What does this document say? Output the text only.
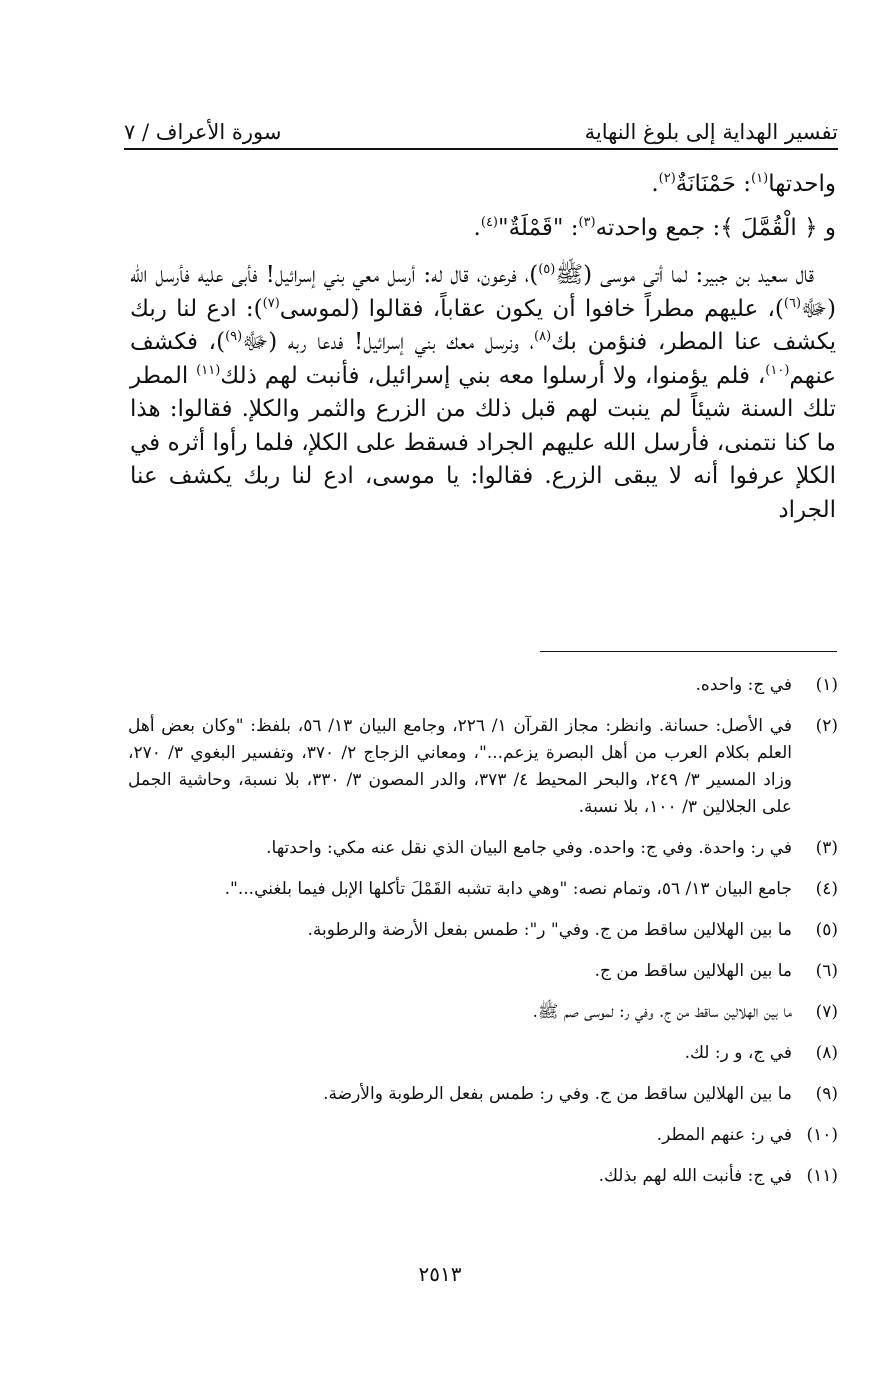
تفسير الهداية إلى بلوغ النهاية
سورة الأعراف / ٧

واحدتها$^{(١)}$: حَمْنَانَةٌ$^{(٢)}$.

و ﴿ الْقُمَّلَ ﴾: جمع واحدته$^{(٣)}$: "قَمْلَةٌ"$^{(٤)}$.

قال سعيد بن جبير: لما أتى موسى (ﷺ$^{(٥)}$)، فرعون، قال له: أرسل معي بني إسرائيل! فأبى عليه فأرسل الله (ﷻ$^{(٦)}$)، عليهم مطراً خافوا أن يكون عقاباً، فقالوا (لموسى$^{(٧)}$): ادع لنا ربك يكشف عنا المطر، فنؤمن بك$^{(٨)}$، ونرسل معك بني إسرائيل! فدعا ربه (ﷻ$^{(٩)}$)، فكشف عنهم$^{(١٠)}$، فلم يؤمنوا، ولا أرسلوا معه بني إسرائيل، فأنبت لهم ذلك$^{(١١)}$ المطر تلك السنة شيئاً لم ينبت لهم قبل ذلك من الزرع والثمر والكلإ. فقالوا: هذا ما كنا نتمنى، فأرسل الله عليهم الجراد فسقط على الكلإ، فلما رأوا أثره في الكلإ عرفوا أنه لا يبقى الزرع. فقالوا: يا موسى، ادع لنا ربك يكشف عنا الجراد

(١)
في ج: واحده.
(٢)
في الأصل: حسانة. وانظر: مجاز القرآن ١/ ٢٢٦، وجامع البيان ١٣/ ٥٦، بلفظ: "وكان بعض أهل العلم بكلام العرب من أهل البصرة يزعم..."، ومعاني الزجاج ٢/ ٣٧٠، وتفسير البغوي ٣/ ٢٧٠، وزاد المسير ٣/ ٢٤٩، والبحر المحيط ٤/ ٣٧٣، والدر المصون ٣/ ٣٣٠، بلا نسبة، وحاشية الجمل على الجلالين ٣/ ١٠٠، بلا نسبة.
(٣)
في ر: واحدة. وفي ج: واحده. وفي جامع البيان الذي نقل عنه مكي: واحدتها.
(٤)
جامع البيان ١٣/ ٥٦، وتمام نصه: "وهي دابة تشبه القَمْلَ تأكلها الإبل فيما بلغني...".
(٥)
ما بين الهلالين ساقط من ج. وفي" ر": طمس بفعل الأرضة والرطوبة.
(٦)
ما بين الهلالين ساقط من ج.
(٧)
ما بين الهلالين ساقط من ج. وفي ر: لموسى صم ﷺ.
(٨)
في ج، و ر: لك.
(٩)
ما بين الهلالين ساقط من ج. وفي ر: طمس بفعل الرطوبة والأرضة.
(١٠)
في ر: عنهم المطر.
(١١)
في ج: فأنبت الله لهم بذلك.
٢٥١٣
